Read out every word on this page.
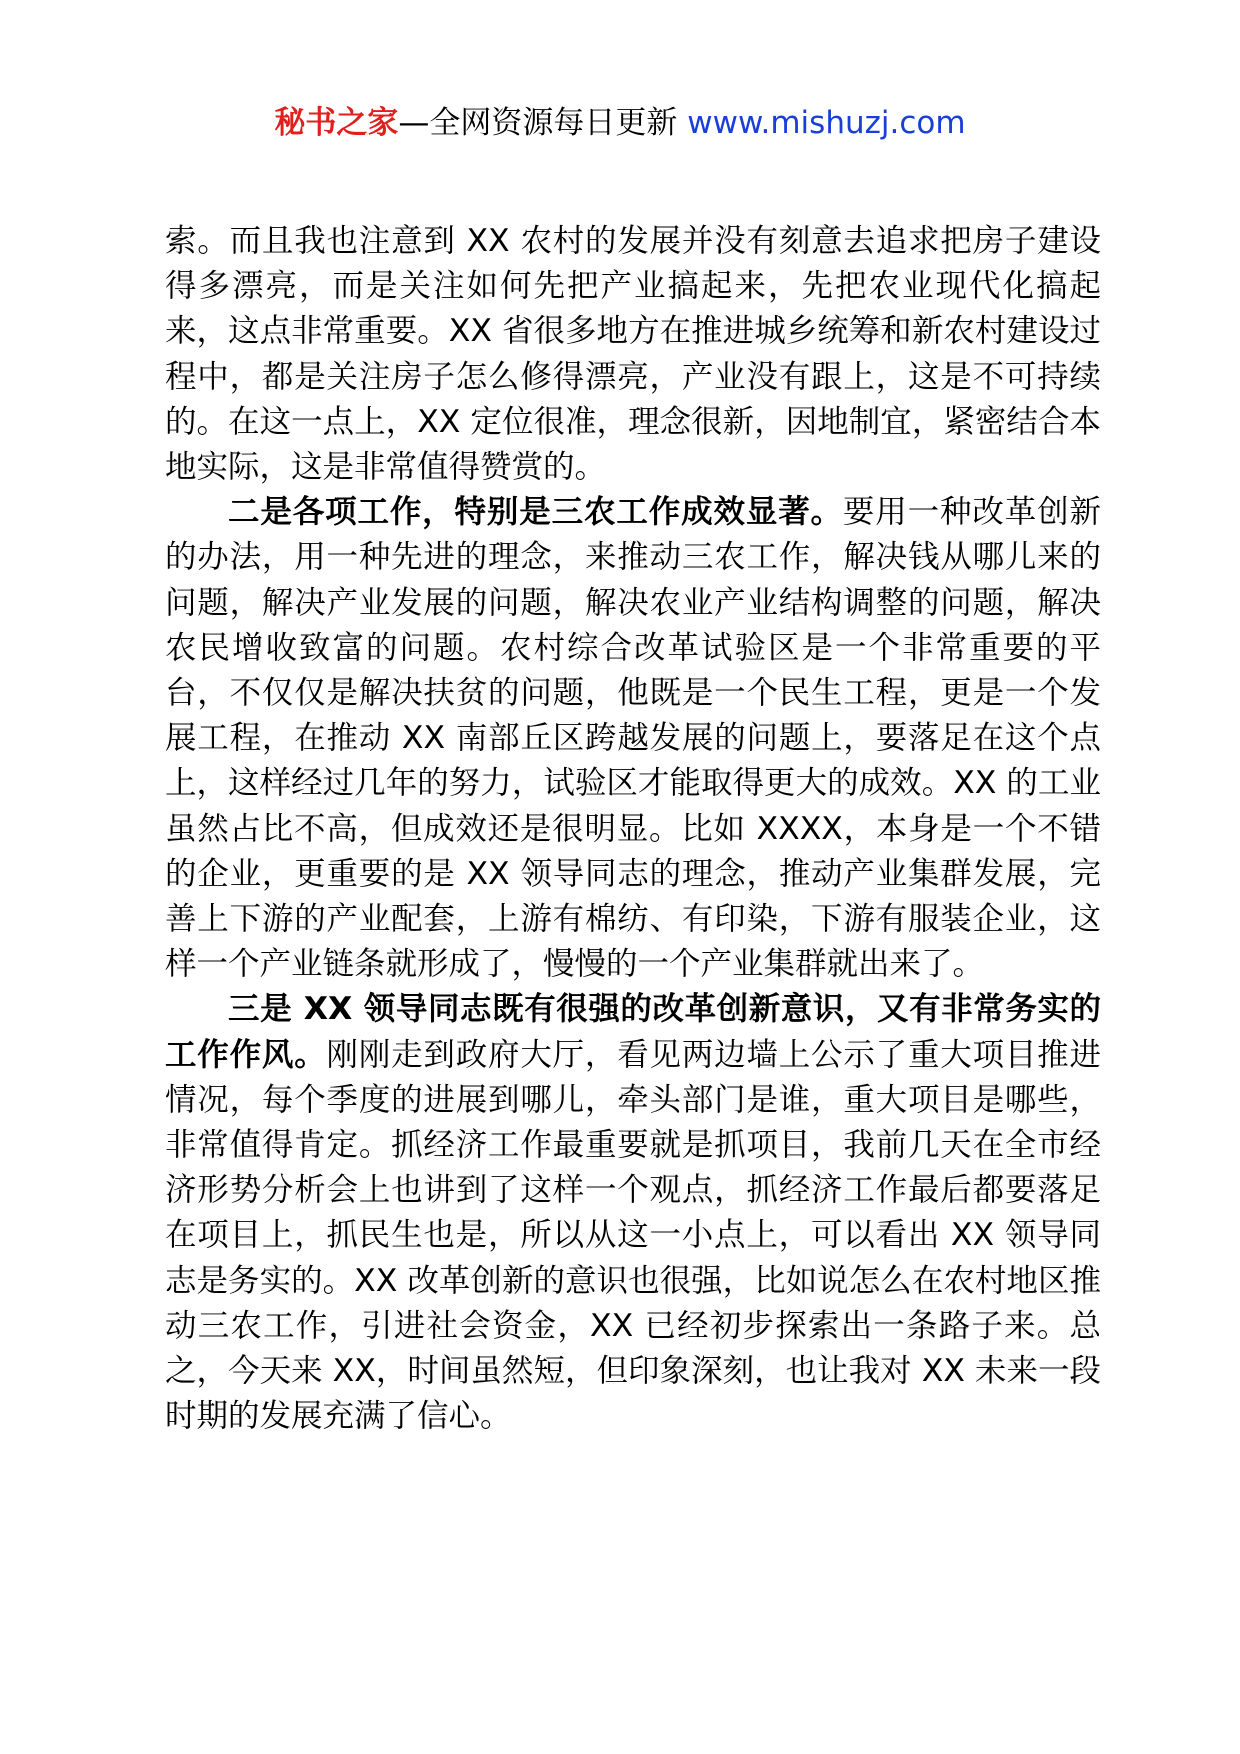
秘书之家—全网资源每日更新 www.mishuzj.com

索。而且我也注意到 XX 农村的发展并没有刻意去追求把房子建设得多漂亮，而是关注如何先把产业搞起来，先把农业现代化搞起来，这点非常重要。XX 省很多地方在推进城乡统筹和新农村建设过程中，都是关注房子怎么修得漂亮，产业没有跟上，这是不可持续的。在这一点上，XX 定位很准，理念很新，因地制宜，紧密结合本地实际，这是非常值得赞赏的。

二是各项工作，特别是三农工作成效显著。要用一种改革创新的办法，用一种先进的理念，来推动三农工作，解决钱从哪儿来的问题，解决产业发展的问题，解决农业产业结构调整的问题，解决农民增收致富的问题。农村综合改革试验区是一个非常重要的平台，不仅仅是解决扶贫的问题，他既是一个民生工程，更是一个发展工程，在推动 XX 南部丘区跨越发展的问题上，要落足在这个点上，这样经过几年的努力，试验区才能取得更大的成效。XX 的工业虽然占比不高，但成效还是很明显。比如 XXXX，本身是一个不错的企业，更重要的是 XX 领导同志的理念，推动产业集群发展，完善上下游的产业配套，上游有棉纺、有印染，下游有服装企业，这样一个产业链条就形成了，慢慢的一个产业集群就出来了。

三是 XX 领导同志既有很强的改革创新意识，又有非常务实的工作作风。刚刚走到政府大厅，看见两边墙上公示了重大项目推进情况，每个季度的进展到哪儿，牵头部门是谁，重大项目是哪些，非常值得肯定。抓经济工作最重要就是抓项目，我前几天在全市经济形势分析会上也讲到了这样一个观点，抓经济工作最后都要落足在项目上，抓民生也是，所以从这一小点上，可以看出 XX 领导同志是务实的。XX 改革创新的意识也很强，比如说怎么在农村地区推动三农工作，引进社会资金，XX 已经初步探索出一条路子来。总之，今天来 XX，时间虽然短，但印象深刻，也让我对 XX 未来一段时期的发展充满了信心。
